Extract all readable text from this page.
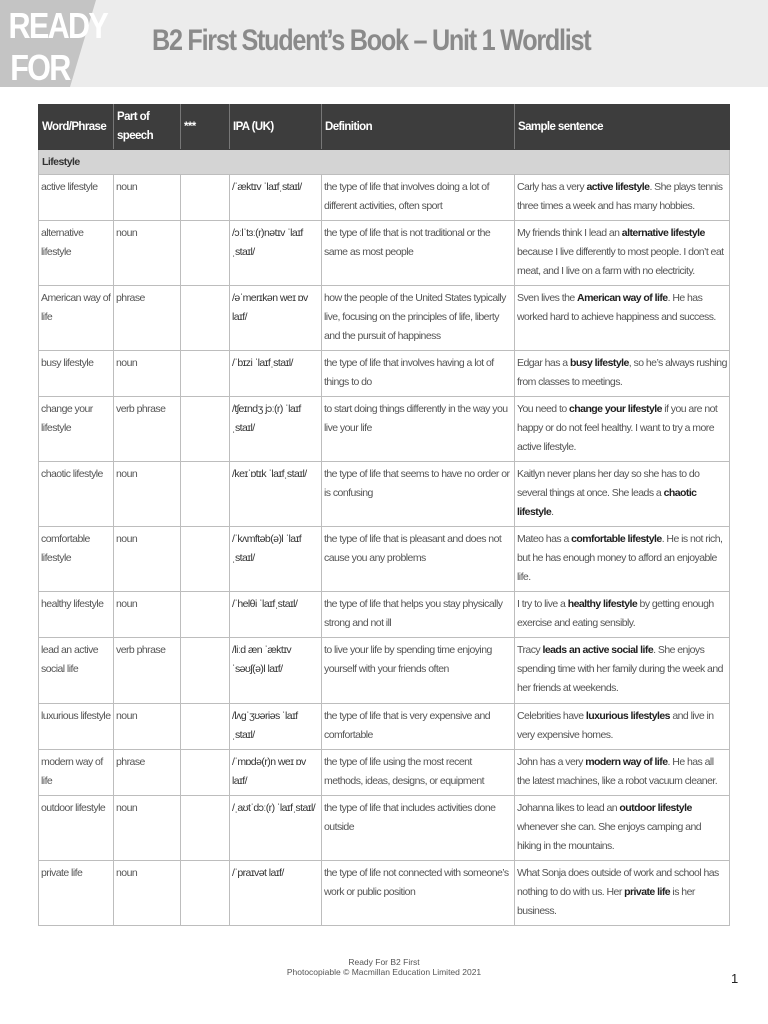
READY
FOR
B2 First Student’s Book – Unit 1 Wordlist
Word/Phrase	Part of speech	***	IPA (UK)	Definition	Sample sentence
Lifestyle					
active lifestyle	noun		/ˈæktɪv ˈlaɪfˌstaɪl/	the type of life that involves doing a lot of different activities, often sport	Carly has a very active lifestyle. She plays tennis three times a week and has many hobbies.
alternative lifestyle	noun		/ɔːlˈtɜː(r)nətɪv ˈlaɪfˌstaɪl/	the type of life that is not traditional or the same as most people	My friends think I lead an alternative lifestyle because I live differently to most people. I don’t eat meat, and I live on a farm with no electricity.
American way of life	phrase		/əˈmerɪkən weɪ ɒv laɪf/	how the people of the United States typically live, focusing on the principles of life, liberty and the pursuit of happiness	Sven lives the American way of life. He has worked hard to achieve happiness and success.
busy lifestyle	noun		/ˈbɪzi ˈlaɪfˌstaɪl/	the type of life that involves having a lot of things to do	Edgar has a busy lifestyle, so he’s always rushing from classes to meetings.
change your lifestyle	verb phrase		/tʃeɪndʒ jɔː(r) ˈlaɪfˌstaɪl/	to start doing things differently in the way you live your life	You need to change your lifestyle if you are not happy or do not feel healthy. I want to try a more active lifestyle.
chaotic lifestyle	noun		/keɪˈɒtɪk ˈlaɪfˌstaɪl/	the type of life that seems to have no order or is confusing	Kaitlyn never plans her day so she has to do several things at once. She leads a chaotic lifestyle.
comfortable lifestyle	noun		/ˈkʌmftəb(ə)l ˈlaɪfˌstaɪl/	the type of life that is pleasant and does not cause you any problems	Mateo has a comfortable lifestyle. He is not rich, but he has enough money to afford an enjoyable life.
healthy lifestyle	noun		/ˈhelθi ˈlaɪfˌstaɪl/	the type of life that helps you stay physically strong and not ill	I try to live a healthy lifestyle by getting enough exercise and eating sensibly.
lead an active social life	verb phrase		/liːd æn ˈæktɪv ˈsəʊʃ(ə)l laɪf/	to live your life by spending time enjoying yourself with your friends often	Tracy leads an active social life. She enjoys spending time with her family during the week and her friends at weekends.
luxurious lifestyle	noun		/lʌɡˈʒʊəriəs ˈlaɪfˌstaɪl/	the type of life that is very expensive and comfortable	Celebrities have luxurious lifestyles and live in very expensive homes.
modern way of life	phrase		/ˈmɒdə(r)n weɪ ɒv laɪf/	the type of life using the most recent methods, ideas, designs, or equipment	John has a very modern way of life. He has all the latest machines, like a robot vacuum cleaner.
outdoor lifestyle	noun		/ˌaʊtˈdɔː(r) ˈlaɪfˌstaɪl/	the type of life that includes activities done outside	Johanna likes to lead an outdoor lifestyle whenever she can. She enjoys camping and hiking in the mountains.
private life	noun		/ˈpraɪvət laɪf/	the type of life not connected with someone’s work or public position	What Sonja does outside of work and school has nothing to do with us. Her private life is her business.
Ready For B2 First
Photocopiable © Macmillan Education Limited 2021	1
